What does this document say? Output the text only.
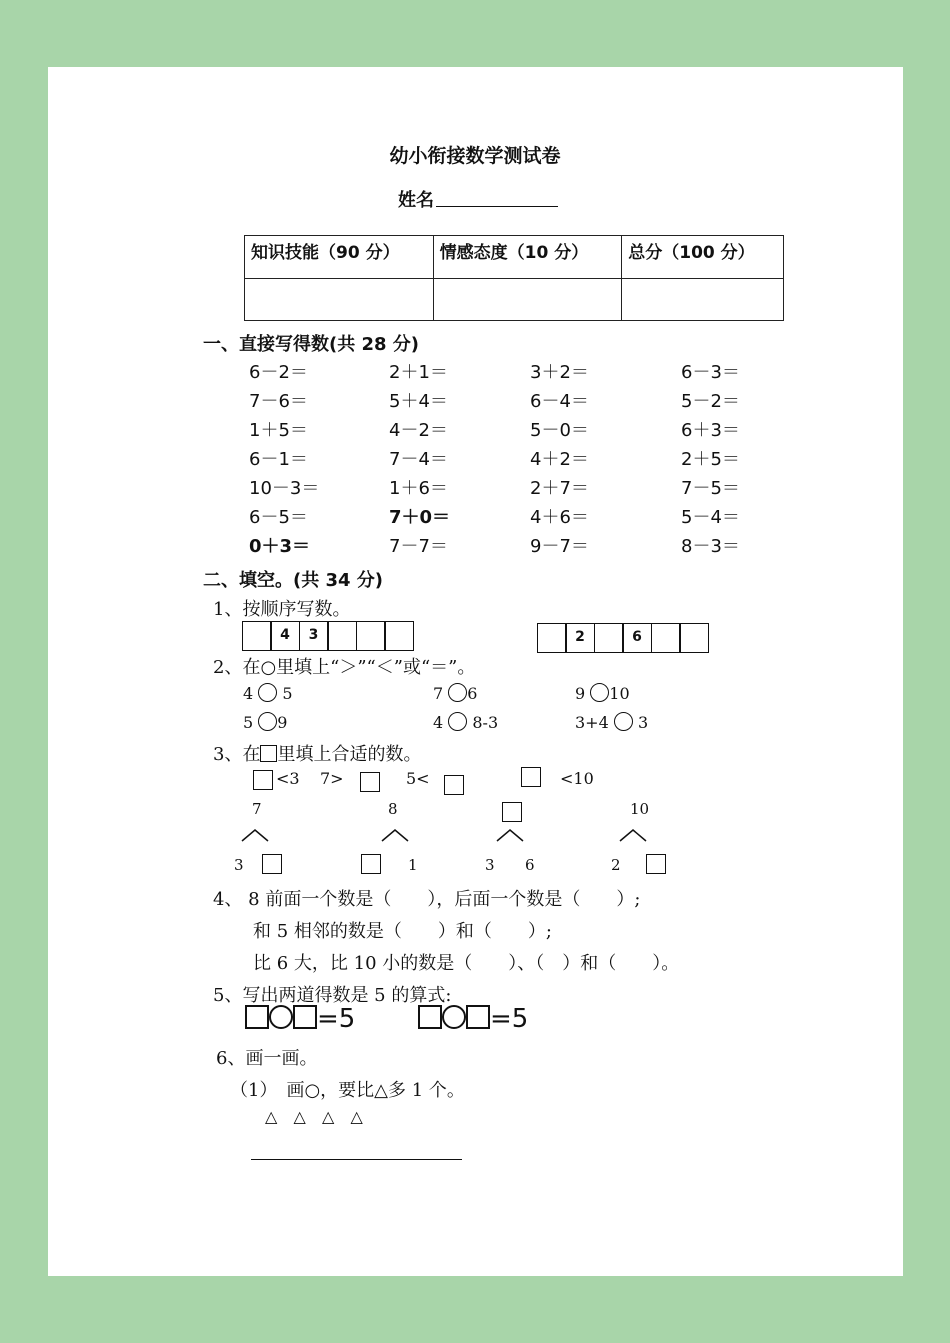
幼小衔接数学测试卷
姓名
知识技能（90 分）	情感态度（10 分）	总分（100 分）

一、直接写得数(共 28 分)
6－2＝	2＋1＝	3＋2＝	6－3＝
7－6＝	5＋4＝	6－4＝	5－2＝
1＋5＝	4－2＝	5－0＝	6＋3＝
6－1＝	7－4＝	4＋2＝	2＋5＝
10－3＝	1＋6＝	2＋7＝	7－5＝
6－5＝	7＋0＝	4＋6＝	5－4＝
0＋3＝	7－7＝	9－7＝	8－3＝
二、填空。(共 34 分)
1、按顺序写数。
4	3	2	6
2、在○里填上“＞”“＜”或“＝”。
4 5	7 6	9 10
5 9	4 8-3	3+4 3
3、在 里填上合适的数。
<3 7>	5<	<10
7
3
8
1	3 6
10
2
4、 8 前面一个数是（　　），后面一个数是（　　）;
和 5 相邻的数是（　　）和（　　）;
比 6 大，比 10 小的数是（　　）、（　）和（　　）。
5、写出两道得数是 5 的算式:
=5	=5
6、画一画。
（1）　画○，要比△多 1 个。
△ △ △ △
